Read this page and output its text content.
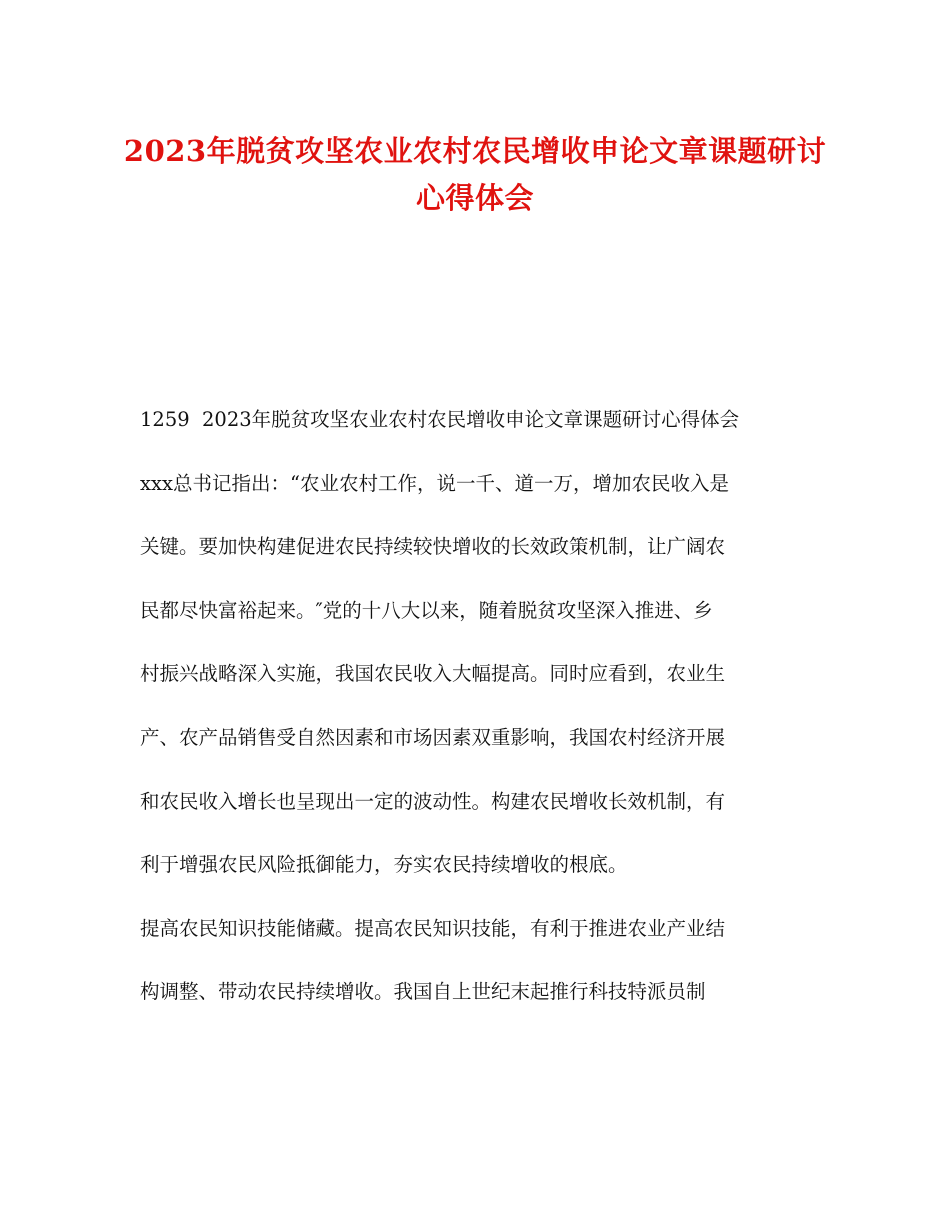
2023年脱贫攻坚农业农村农民增收申论文章课题研讨
心得体会
1259 2023年脱贫攻坚农业农村农民增收申论文章课题研讨心得体会
xxx总书记指出：“农业农村工作，说一千、道一万，增加农民收入是
关键。要加快构建促进农民持续较快增收的长效政策机制，让广阔农
民都尽快富裕起来。″党的十八大以来，随着脱贫攻坚深入推进、乡
村振兴战略深入实施，我国农民收入大幅提高。同时应看到，农业生
产、农产品销售受自然因素和市场因素双重影响，我国农村经济开展
和农民收入增长也呈现出一定的波动性。构建农民增收长效机制，有
利于增强农民风险抵御能力，夯实农民持续增收的根底。
提高农民知识技能储藏。提高农民知识技能，有利于推进农业产业结
构调整、带动农民持续增收。我国自上世纪末起推行科技特派员制
